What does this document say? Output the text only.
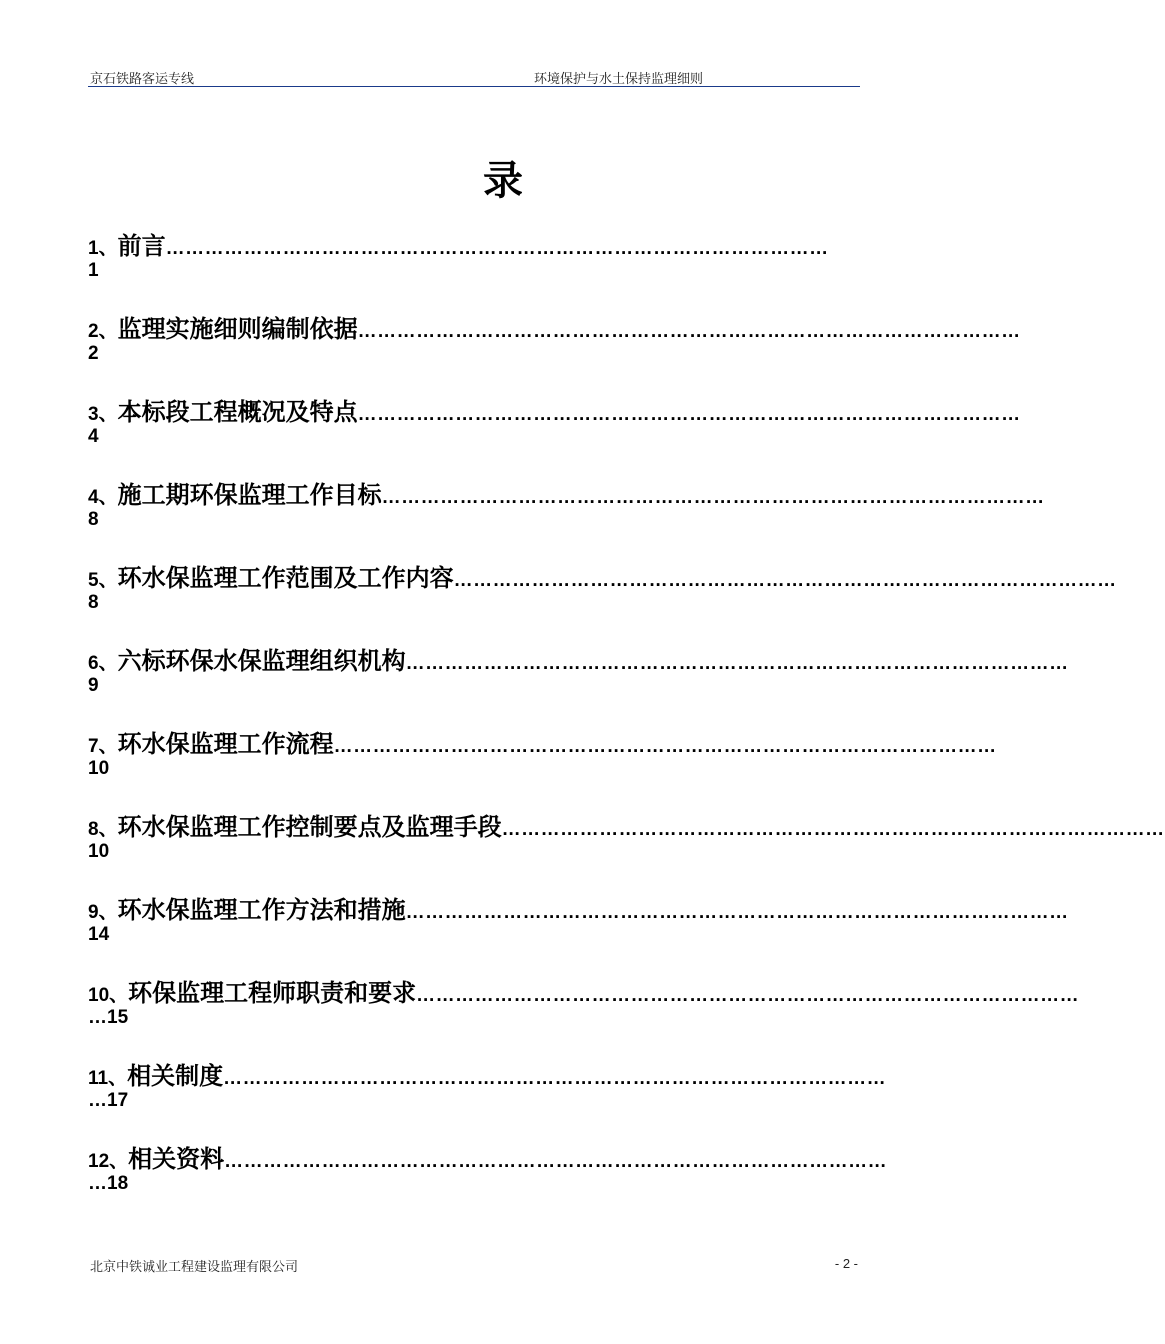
京石铁路客运专线	环境保护与水土保持监理细则
录
1、 前言 …………………………………………………………………………………………
1
2、 监理实施细则编制依据 …………………………………………………………………………………………
2
3、 本标段工程概况及特点 …………………………………………………………………………………………
4
4、 施工期环保监理工作目标 …………………………………………………………………………………………
8
5、 环水保监理工作范围及工作内容 …………………………………………………………………………………………
8
6、 六标环保水保监理组织机构 …………………………………………………………………………………………
9
7、 环水保监理工作流程 …………………………………………………………………………………………
10
8、 环水保监理工作控制要点及监理手段 …………………………………………………………………………………………
10
9、 环水保监理工作方法和措施 …………………………………………………………………………………………
14
10、 环保监理工程师职责和要求 …………………………………………………………………………………………
…15
11、 相关制度 …………………………………………………………………………………………
…17
12、 相关资料 …………………………………………………………………………………………
…18
北京中铁诚业工程建设监理有限公司	- 2 -
